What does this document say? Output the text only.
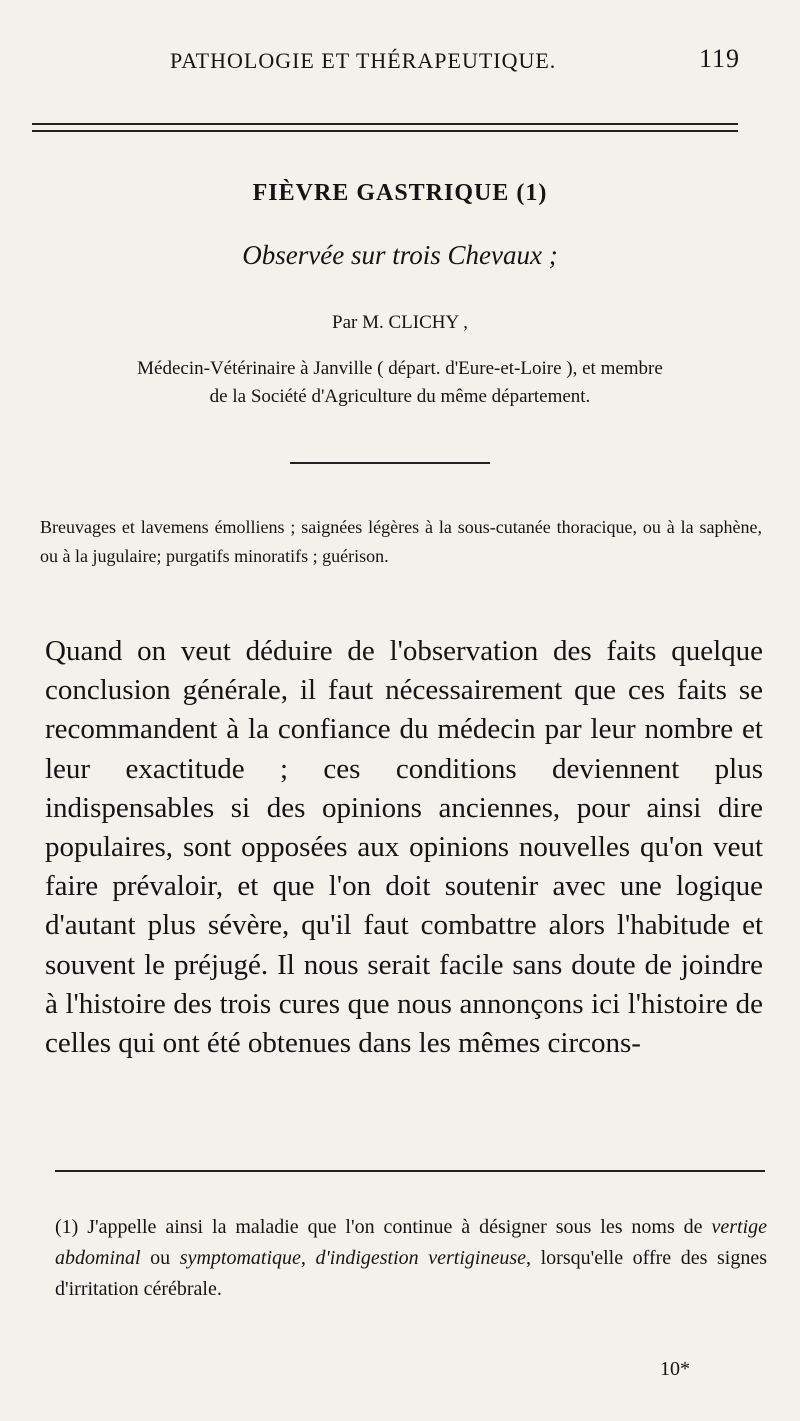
PATHOLOGIE ET THÉRAPEUTIQUE.	119
FIÈVRE GASTRIQUE (1)
Observée sur trois Chevaux ;
Par M. CLICHY ,
Médecin-Vétérinaire à Janville ( départ. d'Eure-et-Loire ), et membre
de la Société d'Agriculture du même département.
Breuvages et lavemens émolliens ; saignées légères à la sous-cutanée thoracique, ou à la saphène, ou à la jugulaire; purgatifs minoratifs ; guérison.
Quand on veut déduire de l'observation des faits quelque conclusion générale, il faut nécessairement que ces faits se recommandent à la confiance du médecin par leur nombre et leur exactitude ; ces conditions deviennent plus indispensables si des opinions anciennes, pour ainsi dire populaires, sont opposées aux opinions nouvelles qu'on veut faire prévaloir, et que l'on doit soutenir avec une logique d'autant plus sévère, qu'il faut combattre alors l'habitude et souvent le préjugé. Il nous serait facile sans doute de joindre à l'histoire des trois cures que nous annonçons ici l'histoire de celles qui ont été obtenues dans les mêmes circons-
(1) J'appelle ainsi la maladie que l'on continue à désigner sous les noms de vertige abdominal ou symptomatique, d'indigestion vertigineuse, lorsqu'elle offre des signes d'irritation cérébrale.
10*
